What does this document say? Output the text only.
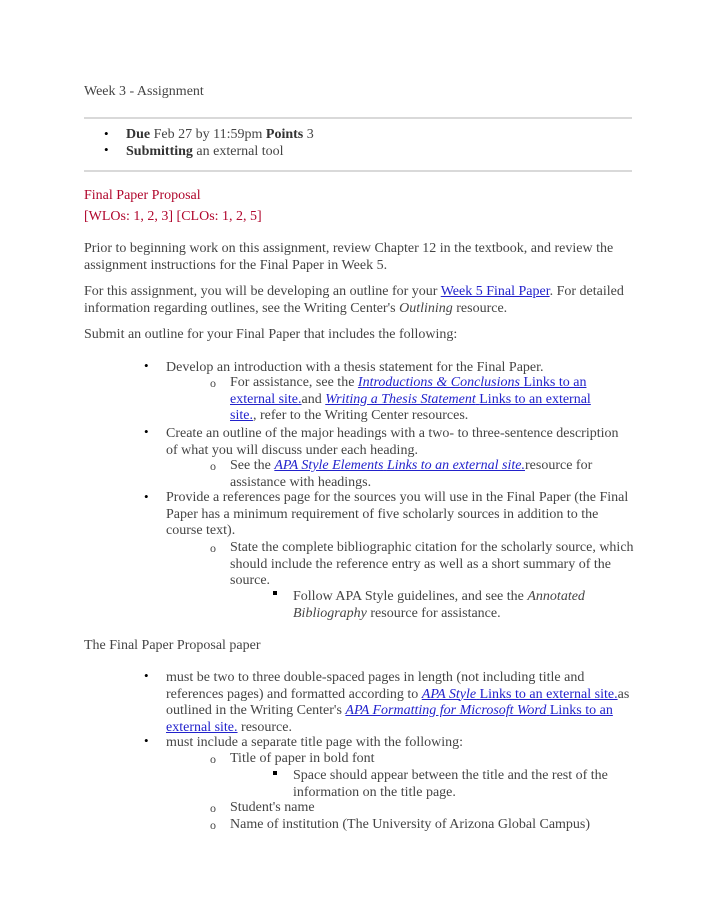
Week 3 - Assignment
• Due Feb 27 by 11:59pm Points 3
• Submitting an external tool
Final Paper Proposal
[WLOs: 1, 2, 3] [CLOs: 1, 2, 5]
Prior to beginning work on this assignment, review Chapter 12 in the textbook, and review the assignment instructions for the Final Paper in Week 5.
For this assignment, you will be developing an outline for your Week 5 Final Paper. For detailed information regarding outlines, see the Writing Center's Outlining resource.
Submit an outline for your Final Paper that includes the following:
• Develop an introduction with a thesis statement for the Final Paper.
o For assistance, see the Introductions & Conclusions Links to an external site.and Writing a Thesis Statement Links to an external site., refer to the Writing Center resources.
• Create an outline of the major headings with a two- to three-sentence description of what you will discuss under each heading.
o See the APA Style Elements Links to an external site.resource for assistance with headings.
• Provide a references page for the sources you will use in the Final Paper (the Final Paper has a minimum requirement of five scholarly sources in addition to the course text).
o State the complete bibliographic citation for the scholarly source, which should include the reference entry as well as a short summary of the source.
Follow APA Style guidelines, and see the Annotated Bibliography resource for assistance.
The Final Paper Proposal paper
• must be two to three double-spaced pages in length (not including title and references pages) and formatted according to APA Style Links to an external site.as outlined in the Writing Center's APA Formatting for Microsoft Word Links to an external site. resource.
• must include a separate title page with the following:
o Title of paper in bold font
Space should appear between the title and the rest of the information on the title page.
o Student's name
o Name of institution (The University of Arizona Global Campus)
